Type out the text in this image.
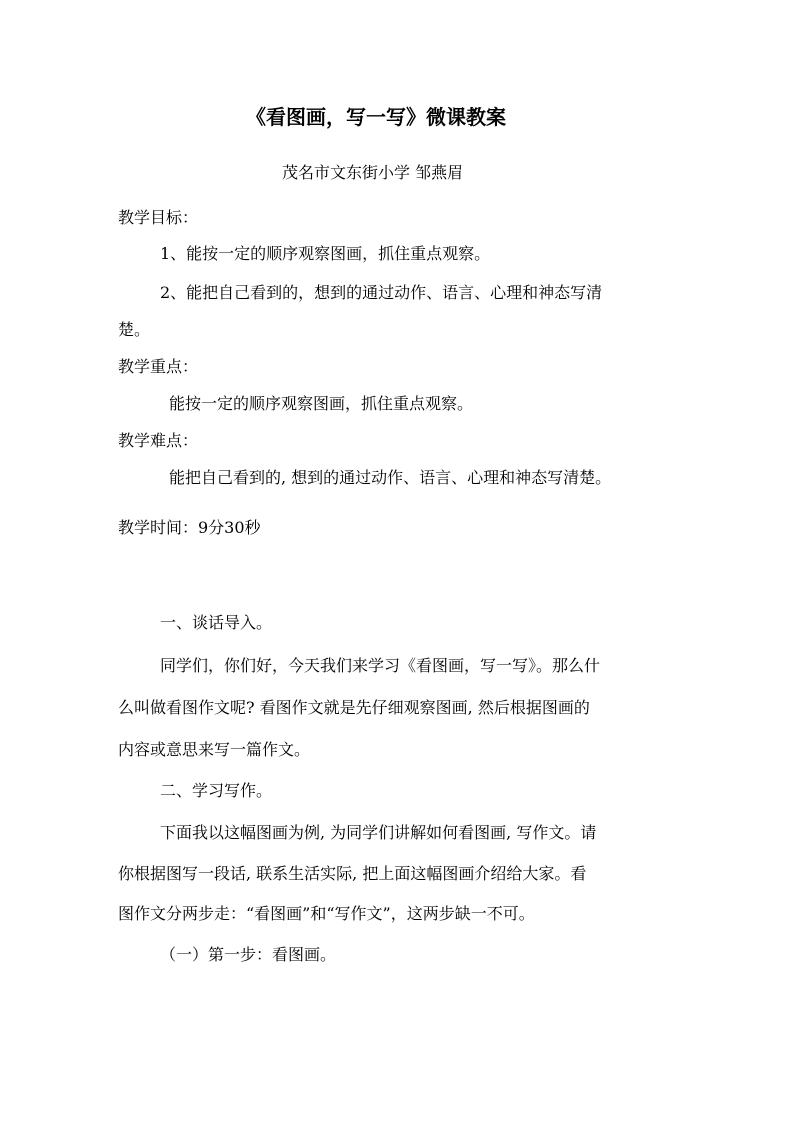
《看图画，写一写》微课教案
茂名市文东街小学 邹燕眉
教学目标：
1、能按一定的顺序观察图画，抓住重点观察。
2、能把自己看到的，想到的通过动作、语言、心理和神态写清
楚。
教学重点：
能按一定的顺序观察图画，抓住重点观察。
教学难点：
能把自己看到的, 想到的通过动作、语言、心理和神态写清楚。
教学时间：9分30秒
一、谈话导入。
同学们，你们好，今天我们来学习《看图画，写一写》。那么什
么叫做看图作文呢? 看图作文就是先仔细观察图画, 然后根据图画的
内容或意思来写一篇作文。
二、学习写作。
下面我以这幅图画为例, 为同学们讲解如何看图画, 写作文。请
你根据图写一段话, 联系生活实际, 把上面这幅图画介绍给大家。看
图作文分两步走：“看图画”和“写作文”，这两步缺一不可。
（一）第一步：看图画。
